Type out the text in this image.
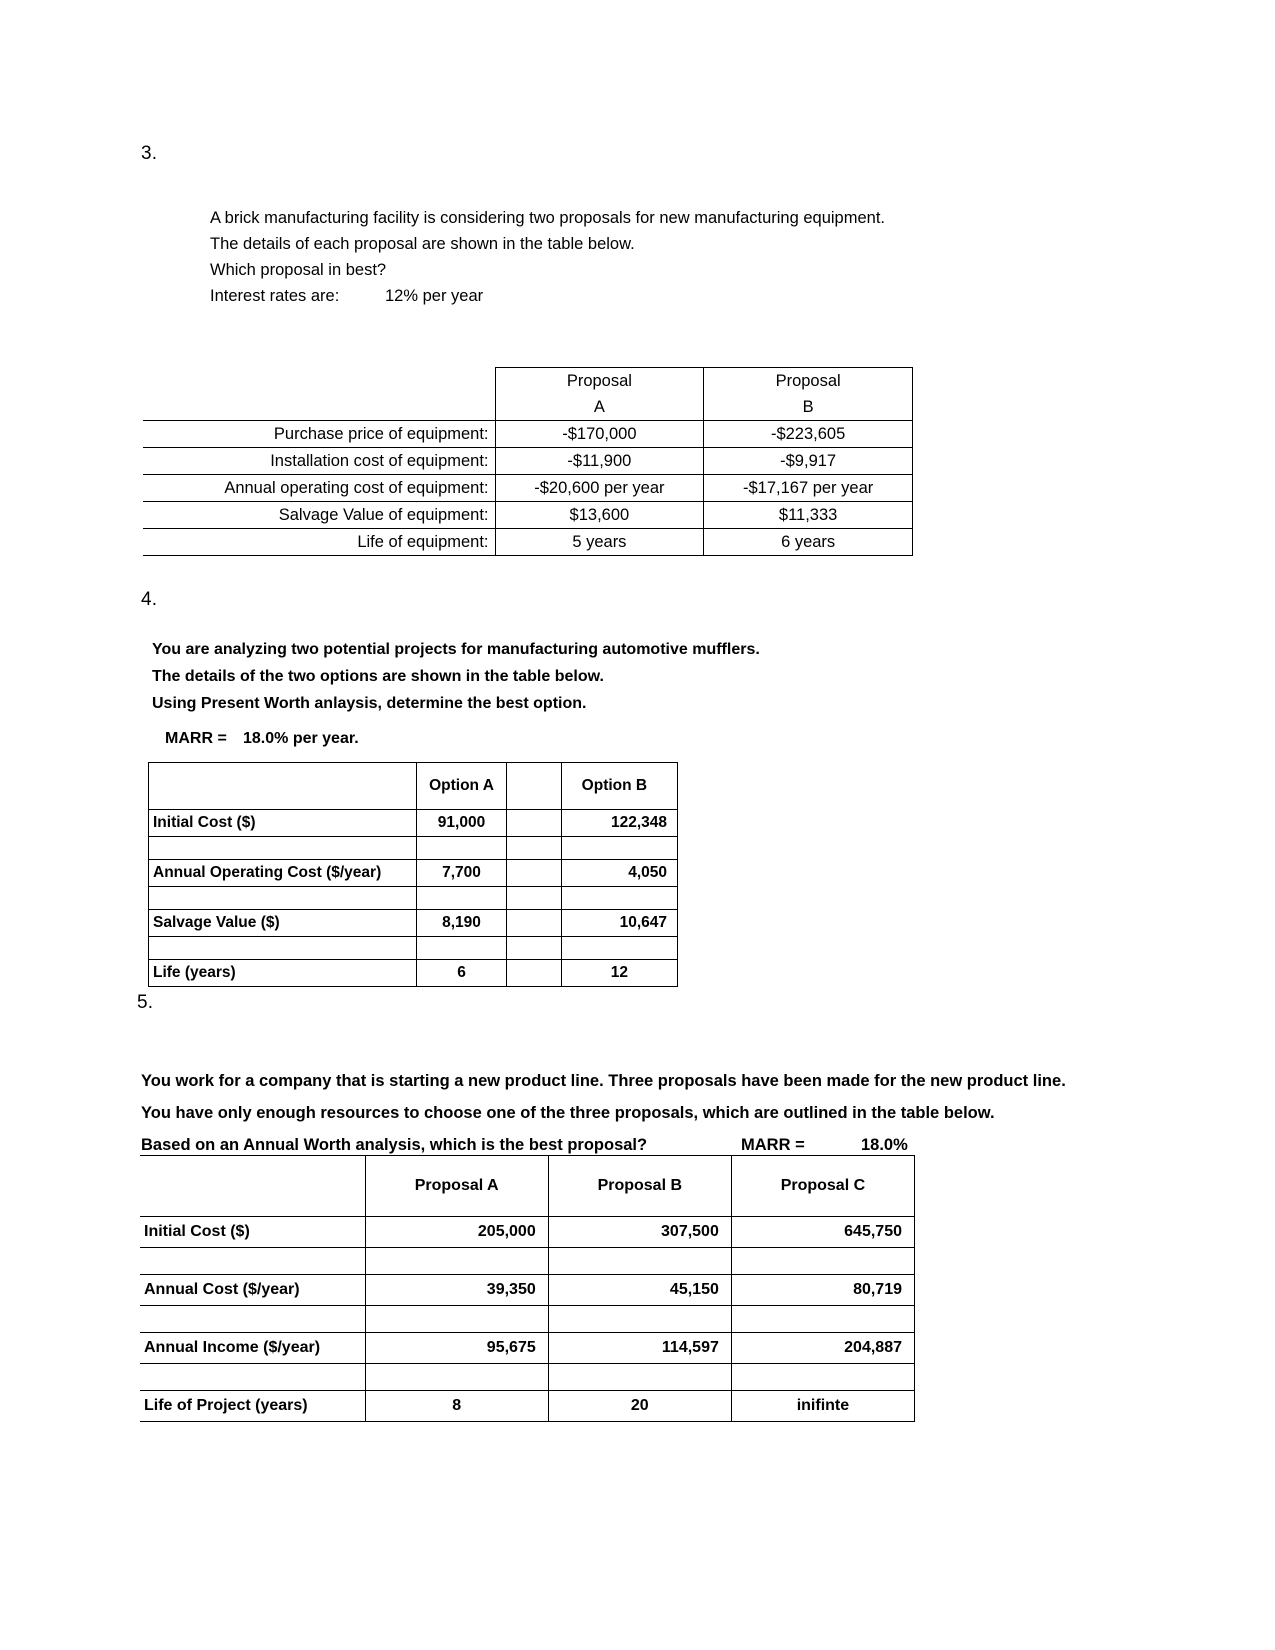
3.
A brick manufacturing facility is considering two proposals for new manufacturing equipment.
The details of each proposal are shown in the table below.
Which proposal in best?
Interest rates are:	12% per year
	Proposal	Proposal
	A	B
Purchase price of equipment:	-$170,000	-$223,605
Installation cost of equipment:	-$11,900	-$9,917
Annual operating cost of equipment:	-$20,600 per year	-$17,167 per year
Salvage Value of equipment:	$13,600	$11,333
Life of equipment:	5 years	6 years
4.
You are analyzing two potential projects for manufacturing automotive mufflers.
The details of the two options are shown in the table below.
Using Present Worth anlaysis, determine the best option.
MARR = 18.0% per year.
	Option A		Option B
Initial Cost ($)	91,000		122,348

Annual Operating Cost ($/year)	7,700		4,050

Salvage Value ($)	8,190		10,647

Life (years)	6		12
5.
You work for a company that is starting a new product line. Three proposals have been made for the new product line.
You have only enough resources to choose one of the three proposals, which are outlined in the table below.
Based on an Annual Worth analysis, which is the best proposal?	MARR =	18.0%
	Proposal A	Proposal B	Proposal C
Initial Cost ($)	205,000	307,500	645,750

Annual Cost ($/year)	39,350	45,150	80,719

Annual Income ($/year)	95,675	114,597	204,887

Life of Project (years)	8	20	inifinte
